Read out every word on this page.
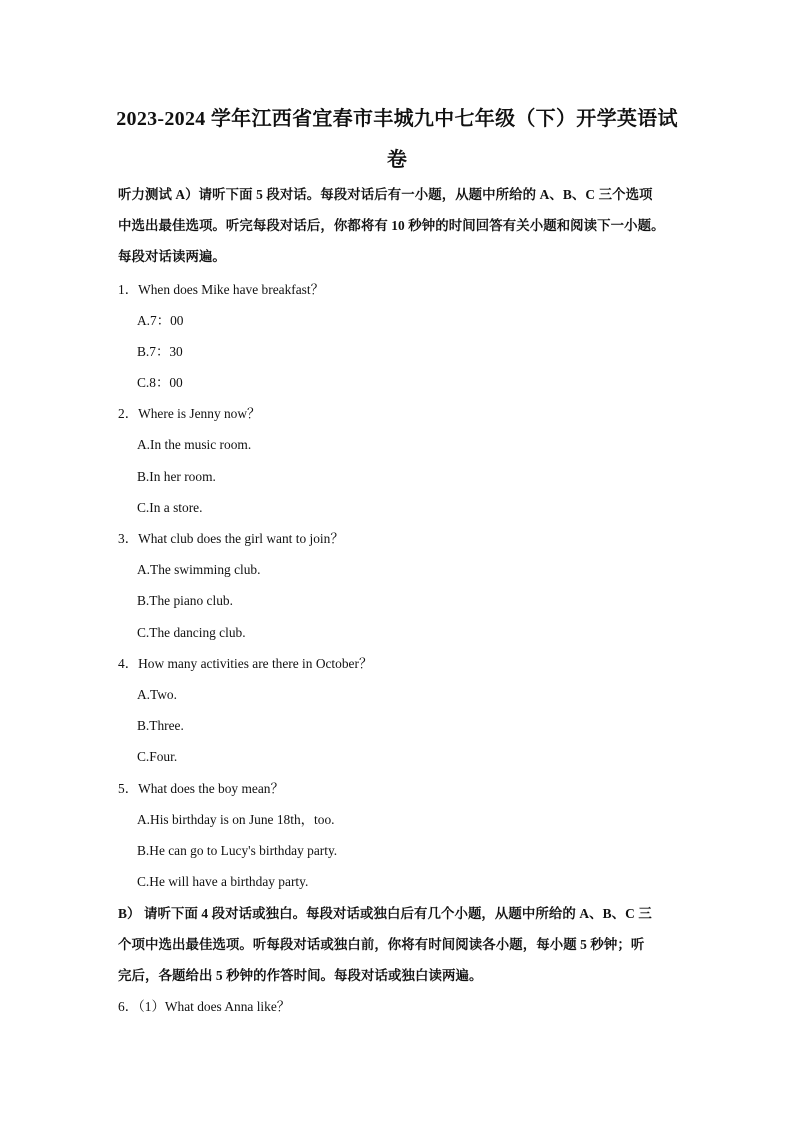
2023-2024 学年江西省宜春市丰城九中七年级（下）开学英语试
卷
听力测试 A）请听下面 5 段对话。每段对话后有一小题，从题中所给的 A、B、C 三个选项
中选出最佳选项。听完每段对话后，你都将有 10 秒钟的时间回答有关小题和阅读下一小题。
每段对话读两遍。
1．When does Mike have breakfast？
A.7：00
B.7：30
C.8：00
2．Where is Jenny now？
A.In the music room.
B.In her room.
C.In a store.
3．What club does the girl want to join？
A.The swimming club.
B.The piano club.
C.The dancing club.
4．How many activities are there in October？
A.Two.
B.Three.
C.Four.
5．What does the boy mean？
A.His birthday is on June 18th，too.
B.He can go to Lucy's birthday party.
C.He will have a birthday party.
B） 请听下面 4 段对话或独白。每段对话或独白后有几个小题，从题中所给的 A、B、C 三
个项中选出最佳选项。听每段对话或独白前，你将有时间阅读各小题，每小题 5 秒钟；听
完后，各题给出 5 秒钟的作答时间。每段对话或独白读两遍。
6．（1）What does Anna like？
